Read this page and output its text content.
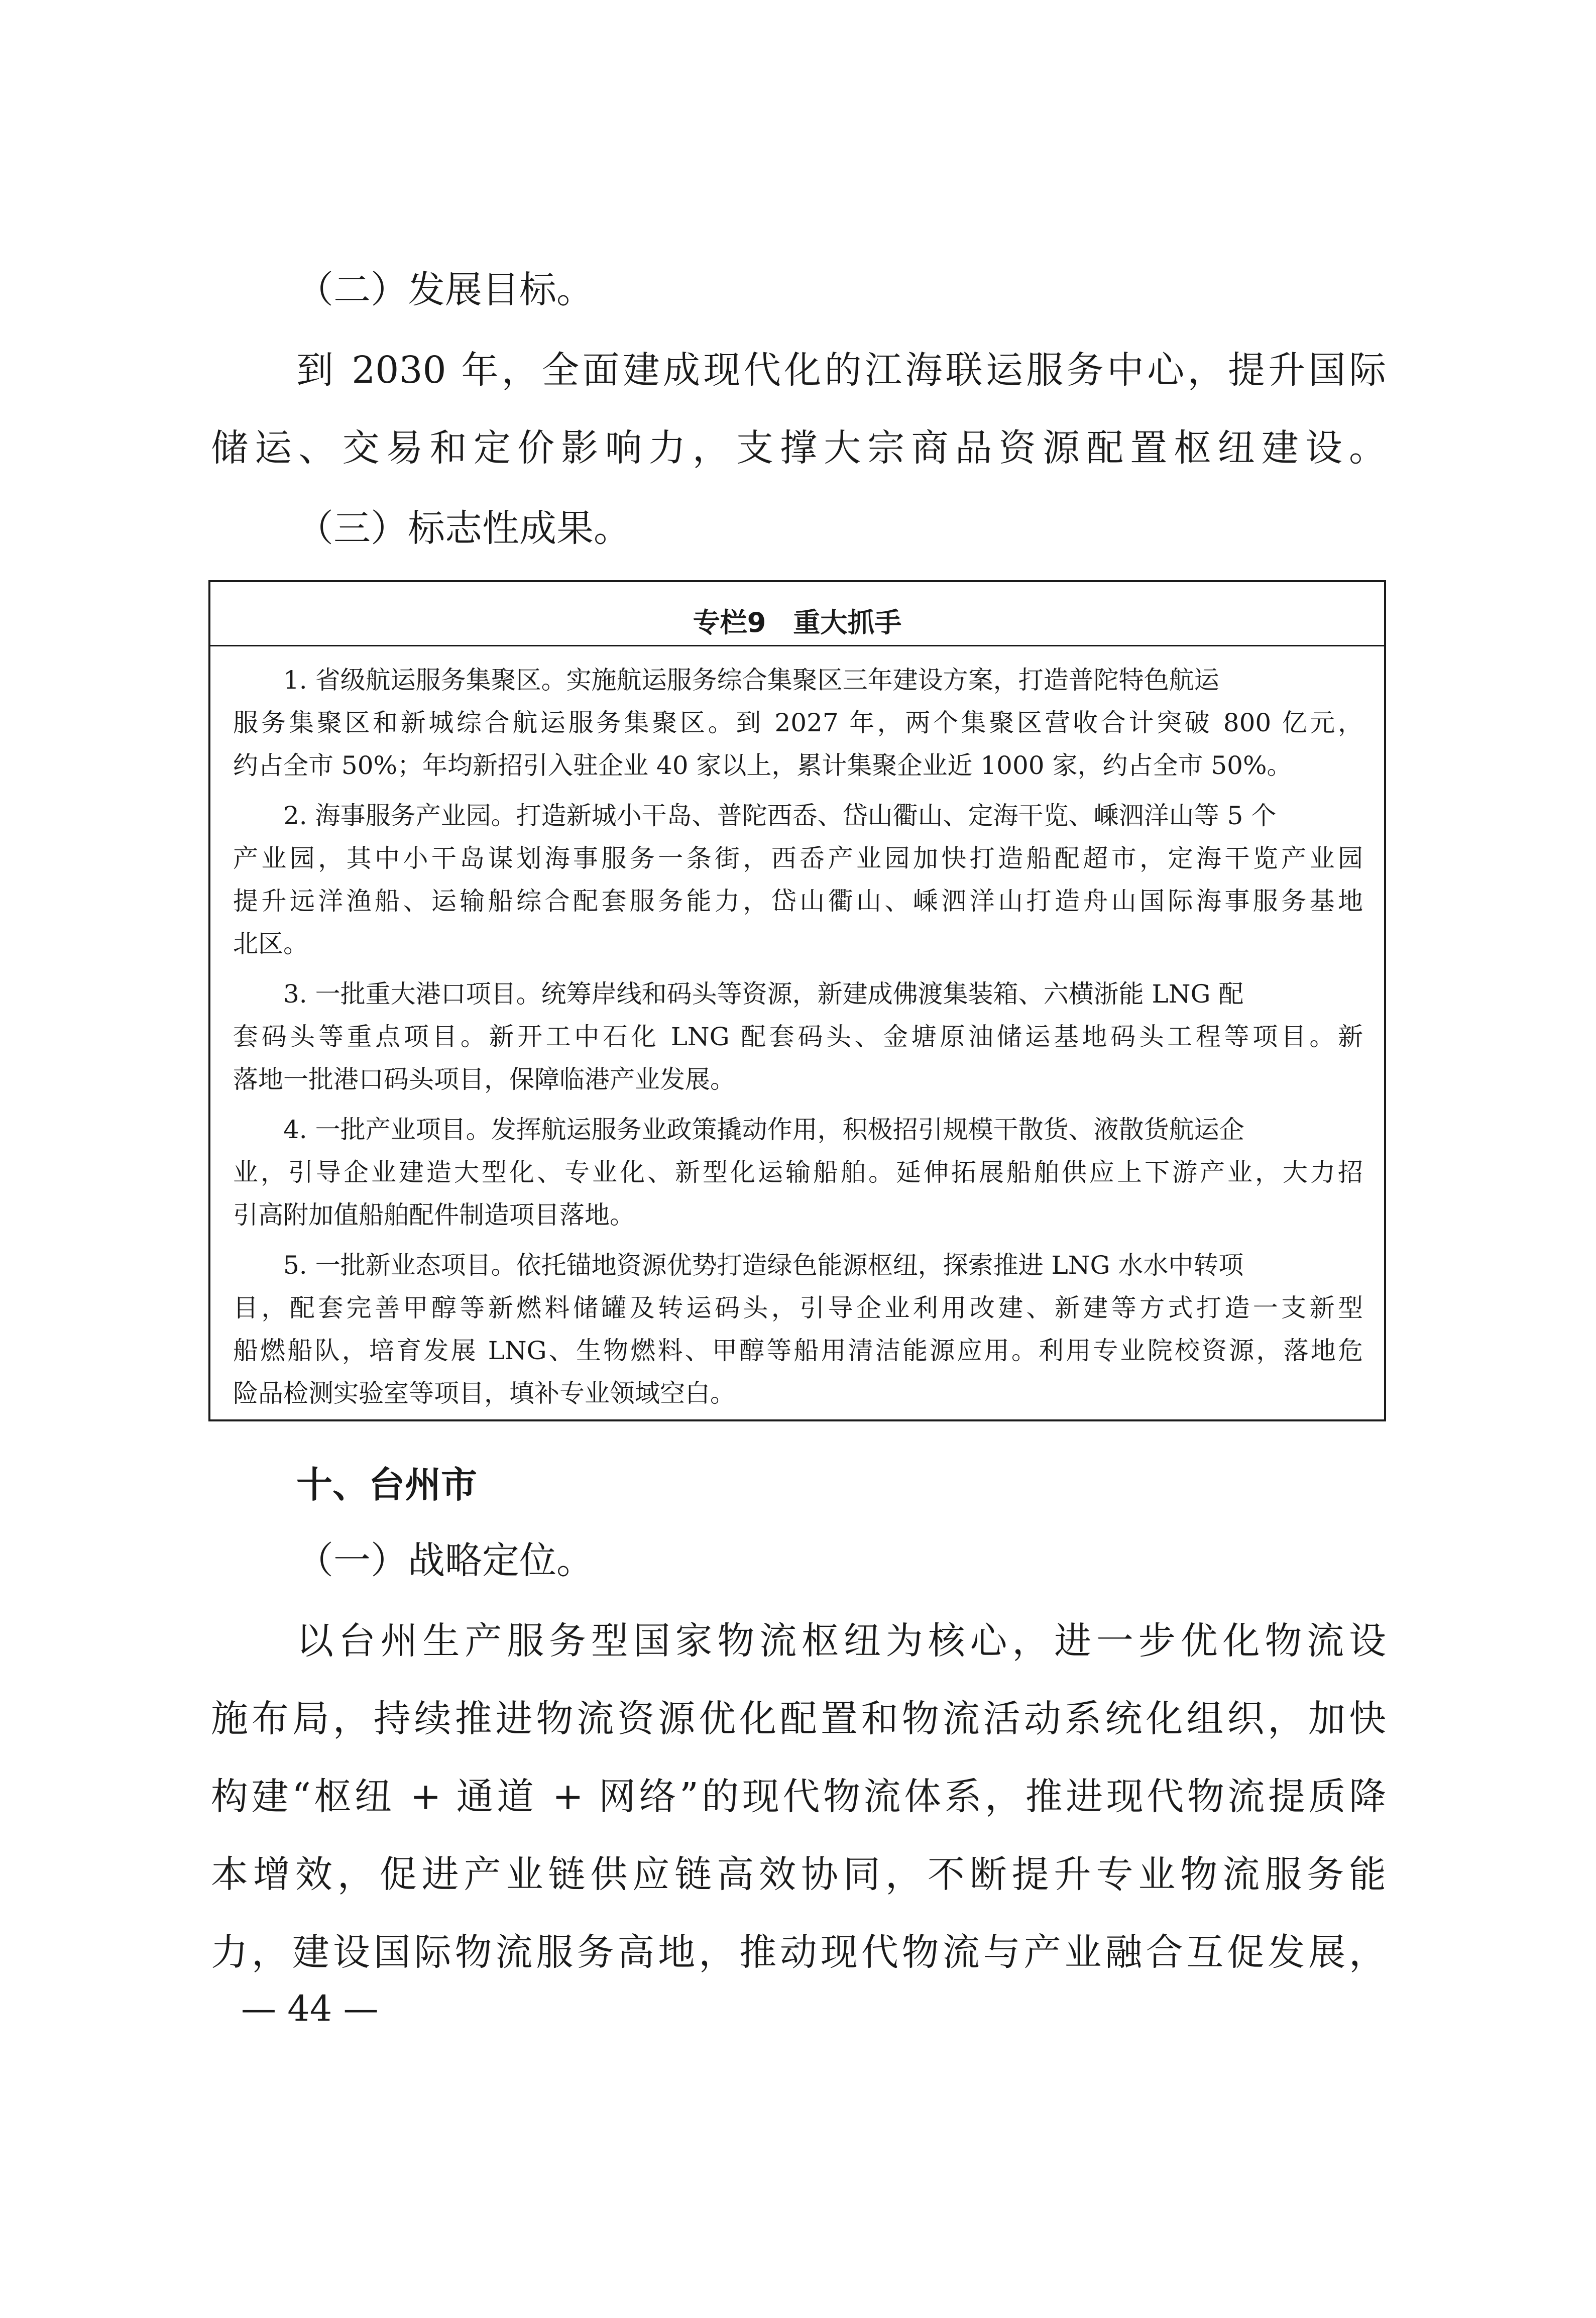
（二）发展目标。
到 2030 年，全面建成现代化的江海联运服务中心，提升国际
储运、交易和定价影响力，支撑大宗商品资源配置枢纽建设。
（三）标志性成果。
专栏9　重大抓手
1. 省级航运服务集聚区。实施航运服务综合集聚区三年建设方案，打造普陀特色航运
服务集聚区和新城综合航运服务集聚区。到 2027 年，两个集聚区营收合计突破 800 亿元，
约占全市 50%；年均新招引入驻企业 40 家以上，累计集聚企业近 1000 家，约占全市 50%。
2. 海事服务产业园。打造新城小干岛、普陀西岙、岱山衢山、定海干览、嵊泗洋山等 5 个
产业园，其中小干岛谋划海事服务一条街，西岙产业园加快打造船配超市，定海干览产业园
提升远洋渔船、运输船综合配套服务能力，岱山衢山、嵊泗洋山打造舟山国际海事服务基地
北区。
3. 一批重大港口项目。统筹岸线和码头等资源，新建成佛渡集装箱、六横浙能 LNG 配
套码头等重点项目。新开工中石化 LNG 配套码头、金塘原油储运基地码头工程等项目。新
落地一批港口码头项目，保障临港产业发展。
4. 一批产业项目。发挥航运服务业政策撬动作用，积极招引规模干散货、液散货航运企
业，引导企业建造大型化、专业化、新型化运输船舶。延伸拓展船舶供应上下游产业，大力招
引高附加值船舶配件制造项目落地。
5. 一批新业态项目。依托锚地资源优势打造绿色能源枢纽，探索推进 LNG 水水中转项
目，配套完善甲醇等新燃料储罐及转运码头，引导企业利用改建、新建等方式打造一支新型
船燃船队，培育发展 LNG、生物燃料、甲醇等船用清洁能源应用。利用专业院校资源，落地危
险品检测实验室等项目，填补专业领域空白。
十、台州市
（一）战略定位。
以台州生产服务型国家物流枢纽为核心，进一步优化物流设
施布局，持续推进物流资源优化配置和物流活动系统化组织，加快
构建“枢纽 + 通道 + 网络”的现代物流体系，推进现代物流提质降
本增效，促进产业链供应链高效协同，不断提升专业物流服务能
力，建设国际物流服务高地，推动现代物流与产业融合互促发展，
— 44 —
